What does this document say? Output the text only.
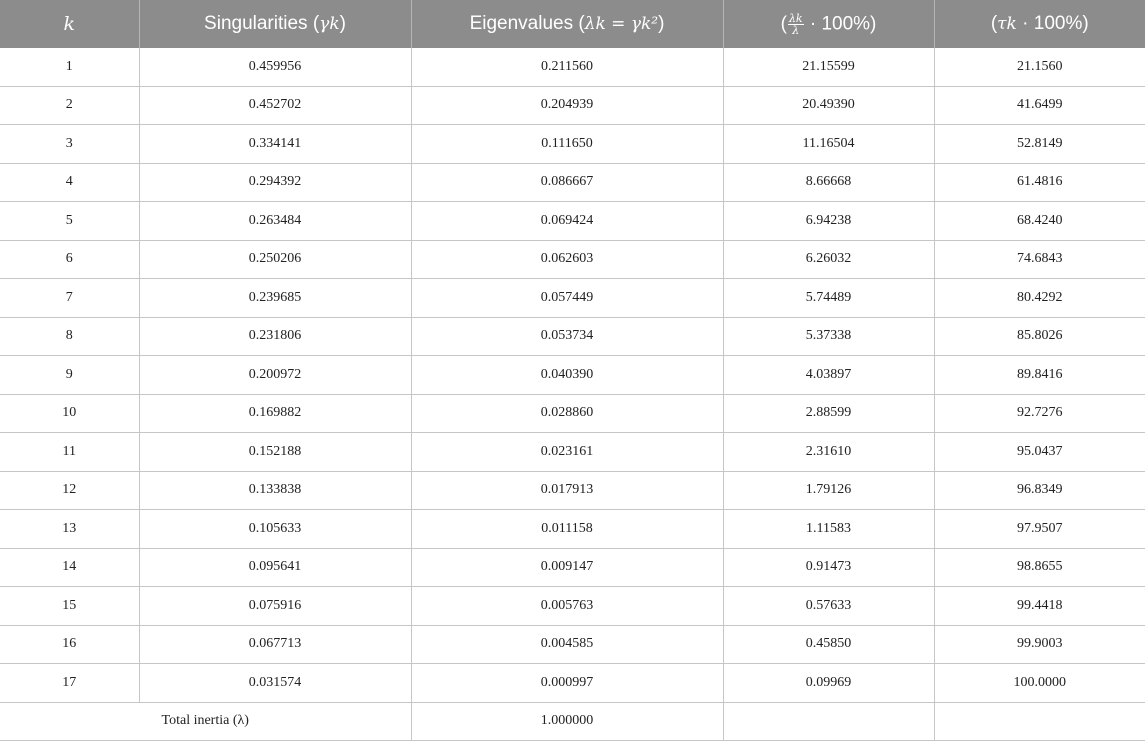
k	Singularities (γk)	Eigenvalues (λk = γk²)	( $\frac{\lambda k}{\lambda} \cdot 100\%$)	(τk · 100%)
1	0.459956	0.211560	21.15599	21.1560
2	0.452702	0.204939	20.49390	41.6499
3	0.334141	0.111650	11.16504	52.8149
4	0.294392	0.086667	8.66668	61.4816
5	0.263484	0.069424	6.94238	68.4240
6	0.250206	0.062603	6.26032	74.6843
7	0.239685	0.057449	5.74489	80.4292
8	0.231806	0.053734	5.37338	85.8026
9	0.200972	0.040390	4.03897	89.8416
10	0.169882	0.028860	2.88599	92.7276
11	0.152188	0.023161	2.31610	95.0437
12	0.133838	0.017913	1.79126	96.8349
13	0.105633	0.011158	1.11583	97.9507
14	0.095641	0.009147	0.91473	98.8655
15	0.075916	0.005763	0.57633	99.4418
16	0.067713	0.004585	0.45850	99.9003
17	0.031574	0.000997	0.09969	100.0000
Total inertia (λ)		1.000000		
